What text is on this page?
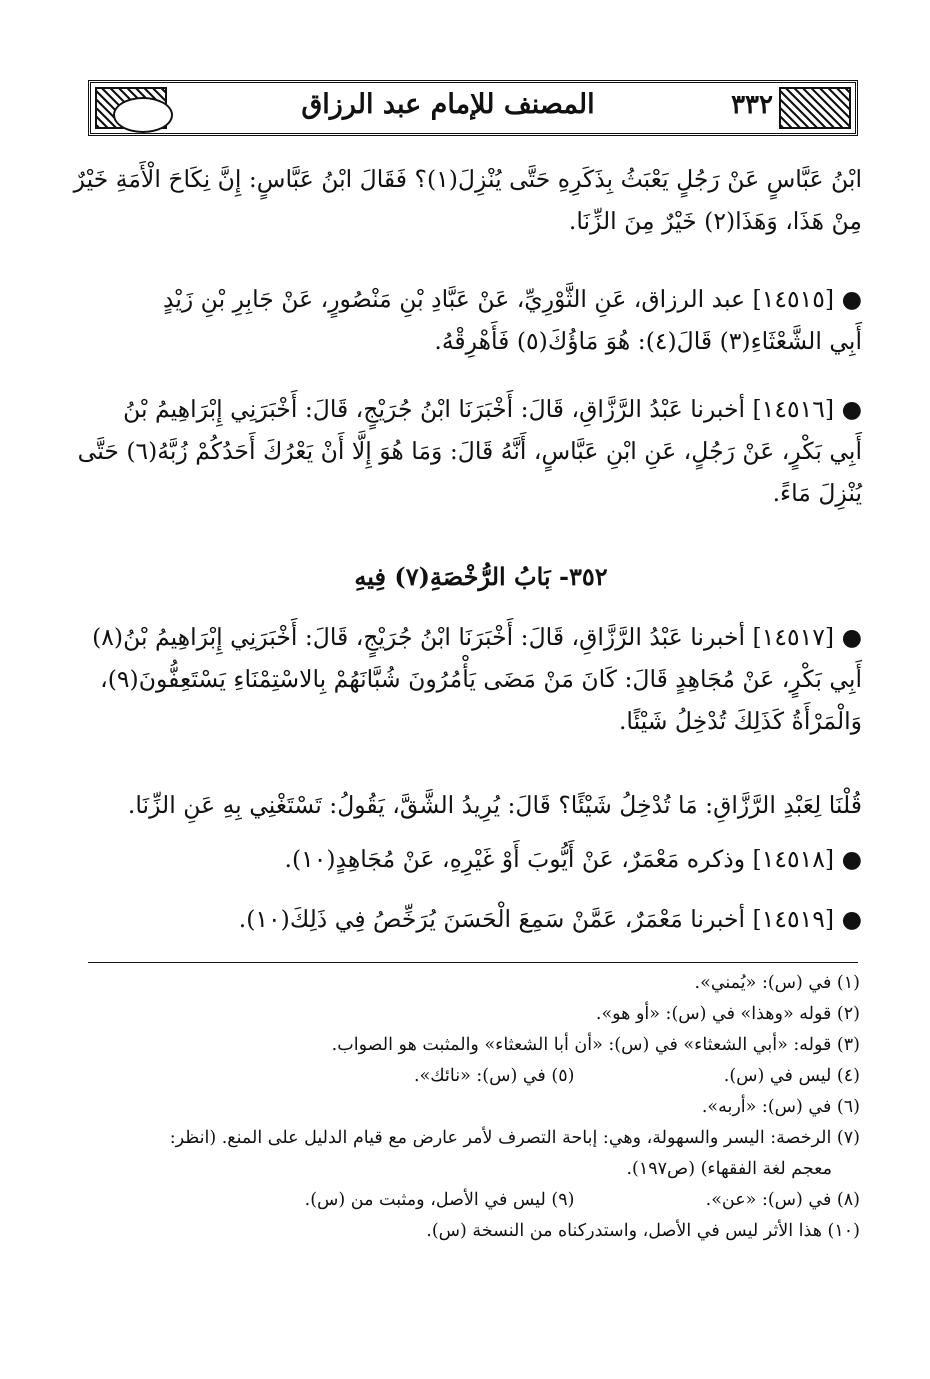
٣٣٢
المصنف للإمام عبد الرزاق
ابْنُ عَبَّاسٍ عَنْ رَجُلٍ يَعْبَثُ بِذَكَرِهِ حَتَّى يُنْزِلَ(١)؟ فَقَالَ ابْنُ عَبَّاسٍ: إِنَّ نِكَاحَ الْأَمَةِ خَيْرٌ
مِنْ هَذَا، وَهَذَا(٢) خَيْرٌ مِنَ الزِّنَا.
● [١٤٥١٥] عبد الرزاق، عَنِ الثَّوْرِيِّ، عَنْ عَبَّادِ بْنِ مَنْصُورٍ، عَنْ جَابِرِ بْنِ زَيْدٍ
أَبِي الشَّعْثَاءِ(٣) قَالَ(٤): هُوَ مَاؤُكَ(٥) فَأَهْرِقْهُ.
● [١٤٥١٦] أخبرنا عَبْدُ الرَّزَّاقِ، قَالَ: أَخْبَرَنَا ابْنُ جُرَيْجٍ، قَالَ: أَخْبَرَنِي إِبْرَاهِيمُ بْنُ
أَبِي بَكْرٍ، عَنْ رَجُلٍ، عَنِ ابْنِ عَبَّاسٍ، أَنَّهُ قَالَ: وَمَا هُوَ إِلَّا أَنْ يَعْرُكَ أَحَدُكُمْ زُبَّهُ(٦) حَتَّى
يُنْزِلَ مَاءً.
٣٥٢- بَابُ الرُّخْصَةِ(٧) فِيهِ
● [١٤٥١٧] أخبرنا عَبْدُ الرَّزَّاقِ، قَالَ: أَخْبَرَنَا ابْنُ جُرَيْجٍ، قَالَ: أَخْبَرَنِي إِبْرَاهِيمُ بْنُ(٨)
أَبِي بَكْرٍ، عَنْ مُجَاهِدٍ قَالَ: كَانَ مَنْ مَضَى يَأْمُرُونَ شُبَّانَهُمْ بِالاسْتِمْنَاءِ يَسْتَعِفُّونَ(٩)،
وَالْمَرْأَةُ كَذَلِكَ تُدْخِلُ شَيْئًا.
قُلْنَا لِعَبْدِ الرَّزَّاقِ: مَا تُدْخِلُ شَيْئًا؟ قَالَ: يُرِيدُ الشَّقَّ، يَقُولُ: تَسْتَغْنِي بِهِ عَنِ الزِّنَا.
● [١٤٥١٨] وذكره مَعْمَرٌ، عَنْ أَيُّوبَ أَوْ غَيْرِهِ، عَنْ مُجَاهِدٍ(١٠).
● [١٤٥١٩] أخبرنا مَعْمَرٌ، عَمَّنْ سَمِعَ الْحَسَنَ يُرَخِّصُ فِي ذَلِكَ(١٠).
(١) في (س): «يُمني».
(٢) قوله «وهذا» في (س): «أو هو».
(٣) قوله: «أبي الشعثاء» في (س): «أن أبا الشعثاء» والمثبت هو الصواب.
(٤) ليس في (س). (٥) في (س): «نائك».
(٦) في (س): «أربه».
(٧) الرخصة: اليسر والسهولة، وهي: إباحة التصرف لأمر عارض مع قيام الدليل على المنع. (انظر:
معجم لغة الفقهاء) (ص١٩٧).
(٨) في (س): «عن». (٩) ليس في الأصل، ومثبت من (س).
(١٠) هذا الأثر ليس في الأصل، واستدركناه من النسخة (س).
